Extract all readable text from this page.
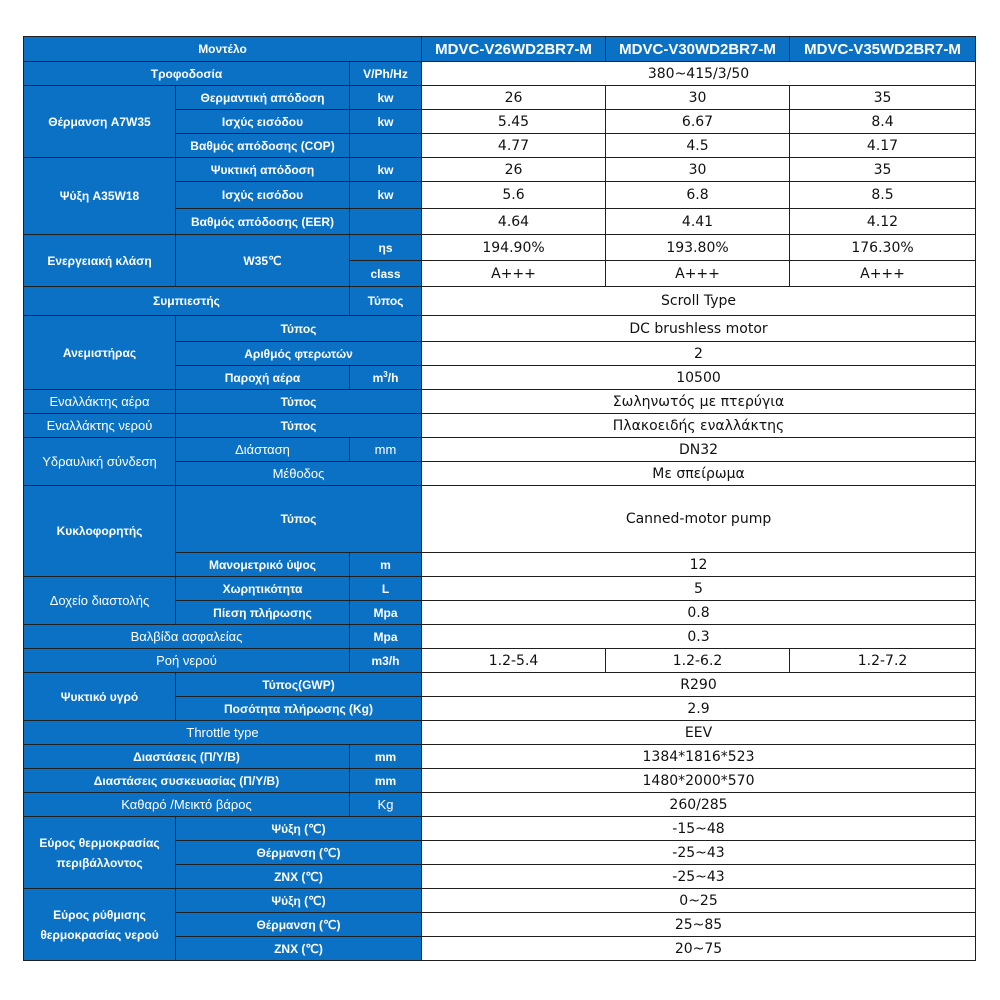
Μοντέλο			MDVC-V26WD2BR7-M	MDVC-V30WD2BR7-M	MDVC-V35WD2BR7-M
Τροφοδοσία		V/Ph/Hz	380~415/3/50		
Θέρμανση A7W35	Θερμαντική απόδοση	kw	26	30	35
	Ισχύς εισόδου	kw	5.45	6.67	8.4
	Βαθμός απόδοσης (COP)		4.77	4.5	4.17
Ψύξη A35W18	Ψυκτική απόδοση	kw	26	30	35
	Ισχύς εισόδου	kw	5.6	6.8	8.5
	Βαθμός απόδοσης (EER)		4.64	4.41	4.12
Ενεργειακή κλάση	W35℃	ηs	194.90%	193.80%	176.30%
		class	A+++	A+++	A+++
Συμπιεστής		Τύπος	Scroll Type		
Ανεμιστήρας	Τύπος		DC brushless motor		
	Αριθμός φτερωτών		2		
	Παροχή αέρα	$m^3/h$	10500		
Εναλλάκτης αέρα	Τύπος		Σωληνωτός με πτερύγια		
Εναλλάκτης νερού	Τύπος		Πλακοειδής εναλλάκτης		
Υδραυλική σύνδεση	Διάσταση	mm	DN32		
	Μέθοδος		Με σπείρωμα		
Κυκλοφορητής	Τύπος		Canned-motor pump		
	Μανομετρικό ύψος	m	12		
Δοχείο διαστολής	Χωρητικότητα	L	5		
	Πίεση πλήρωσης	Mpa	0.8		
Βαλβίδα ασφαλείας		Mpa	0.3		
Ροή νερού		m3/h	1.2-5.4	1.2-6.2	1.2-7.2
Ψυκτικό υγρό	Τύπος(GWP)		R290		
	Ποσότητα πλήρωσης (Kg)		2.9		
Throttle type			EEV		
Διαστάσεις (Π/Υ/Β)		mm	1384*1816*523		
Διαστάσεις συσκευασίας (Π/Υ/Β)		mm	1480*2000*570		
Καθαρό /Μεικτό βάρος		Kg	260/285		

Εύρος θερμοκρασίας
περιβάλλοντος	Ψύξη (℃)		-15~48		
	Θέρμανση (℃)		-25~43		
	ZNX (℃)		-25~43		

Εύρος ρύθμισης
θερμοκρασίας νερού	Ψύξη (℃)		0~25		
	Θέρμανση (℃)		25~85		
	ZNX (℃)		20~75		
